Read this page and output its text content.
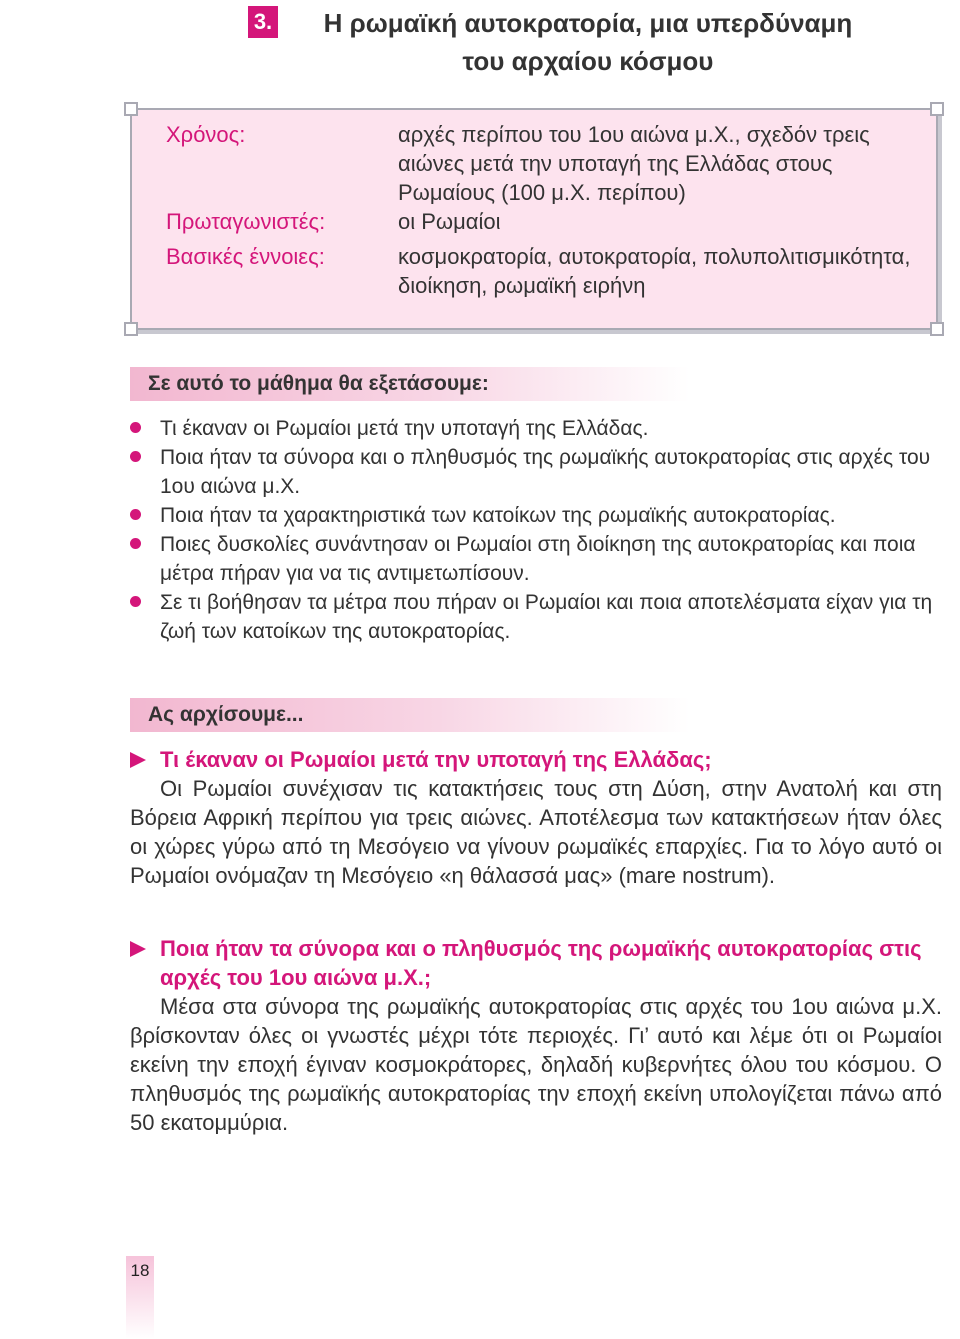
3.	Η ρωμαϊκή αυτοκρατορία, μια υπερδύναμη
του αρχαίου κόσμου
Χρόνος:	αρχές περίπου του 1ου αιώνα μ.Χ., σχεδόν τρεις αιώνες μετά την υποταγή της Ελλάδας στους Ρωμαίους (100 μ.Χ. περίπου)
Πρωταγωνιστές:	οι Ρωμαίοι
Βασικές έννοιες:	κοσμοκρατορία, αυτοκρατορία, πολυπολιτισμικότητα, διοίκηση, ρωμαϊκή ειρήνη
Σε αυτό το μάθημα θα εξετάσουμε:
Τι έκαναν οι Ρωμαίοι μετά την υποταγή της Ελλάδας.
Ποια ήταν τα σύνορα και ο πληθυσμός της ρωμαϊκής αυτοκρατορίας στις αρχές του 1ου αιώνα μ.Χ.
Ποια ήταν τα χαρακτηριστικά των κατοίκων της ρωμαϊκής αυτοκρατορίας.
Ποιες δυσκολίες συνάντησαν οι Ρωμαίοι στη διοίκηση της αυτοκρατορίας και ποια μέτρα πήραν για να τις αντιμετωπίσουν.
Σε τι βοήθησαν τα μέτρα που πήραν οι Ρωμαίοι και ποια αποτελέσματα είχαν για τη ζωή των κατοίκων της αυτοκρατορίας.
Ας αρχίσουμε...

Τι έκαναν οι Ρωμαίοι μετά την υποταγή της Ελλάδας;

Οι Ρωμαίοι συνέχισαν τις κατακτήσεις τους στη Δύση, στην Ανατολή και στη Βόρεια Αφρική περίπου για τρεις αιώνες. Αποτέλεσμα των κατακτήσεων ήταν όλες οι χώρες γύρω από τη Μεσόγειο να γίνουν ρωμαϊκές επαρχίες. Για το λόγο αυτό οι Ρωμαίοι ονόμαζαν τη Μεσόγειο «η θάλασσά μας» (mare nostrum).

Ποια ήταν τα σύνορα και ο πληθυσμός της ρωμαϊκής αυτοκρατορίας στις αρχές του 1ου αιώνα μ.Χ.;

Μέσα στα σύνορα της ρωμαϊκής αυτοκρατορίας στις αρχές του 1ου αιώνα μ.Χ. βρίσκονταν όλες οι γνωστές μέχρι τότε περιοχές. Γι’ αυτό και λέμε ότι οι Ρωμαίοι εκείνη την εποχή έγιναν κοσμοκράτορες, δηλαδή κυβερνήτες όλου του κόσμου. Ο πληθυσμός της ρωμαϊκής αυτοκρατορίας την εποχή εκείνη υπολογίζεται πάνω από 50 εκατομμύρια.

18
